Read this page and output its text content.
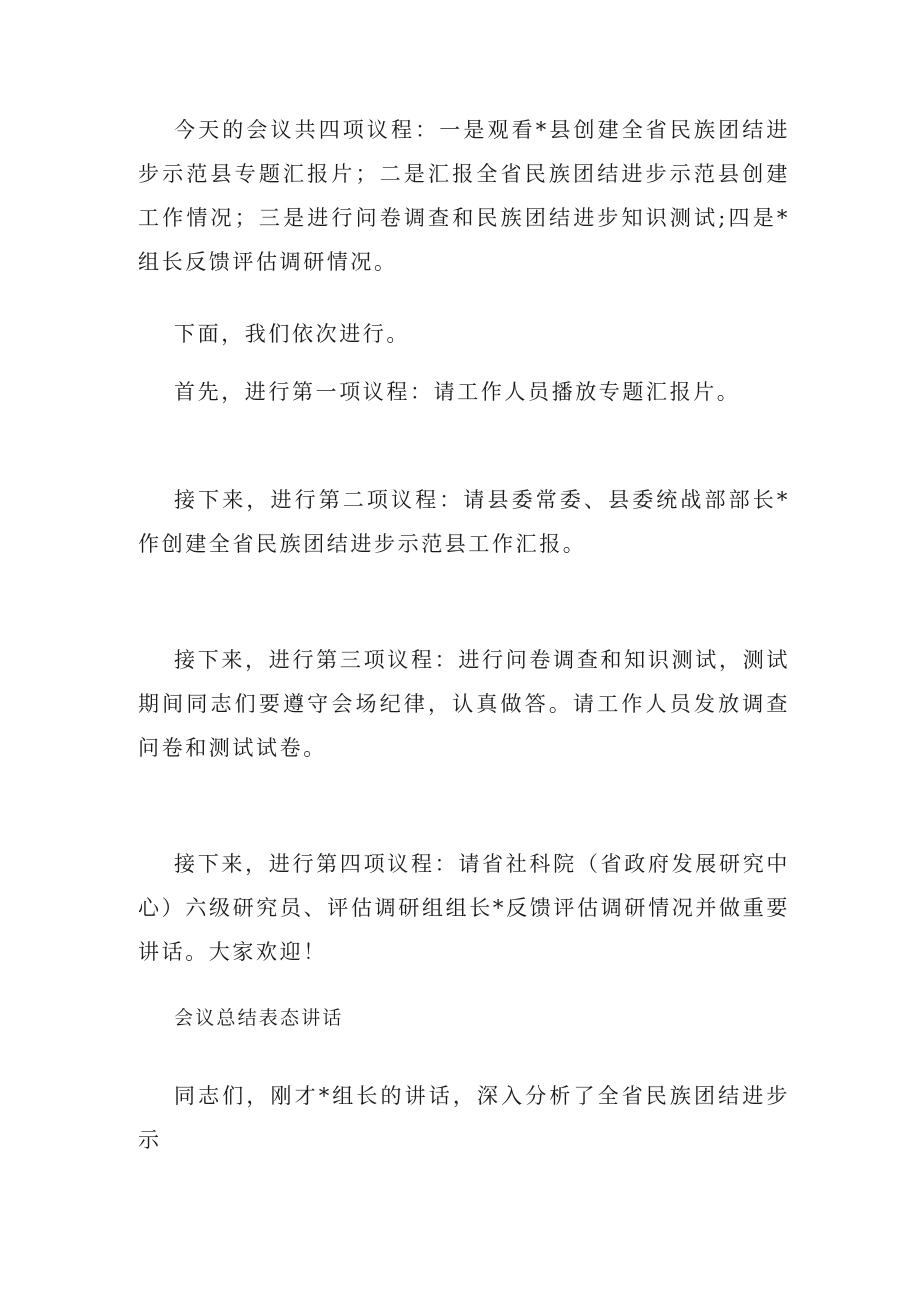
今天的会议共四项议程：一是观看*县创建全省民族团结进步示范县专题汇报片；二是汇报全省民族团结进步示范县创建工作情况；三是进行问卷调查和民族团结进步知识测试;四是*组长反馈评估调研情况。

下面，我们依次进行。

首先，进行第一项议程：请工作人员播放专题汇报片。

接下来，进行第二项议程：请县委常委、县委统战部部长*作创建全省民族团结进步示范县工作汇报。

接下来，进行第三项议程：进行问卷调查和知识测试，测试期间同志们要遵守会场纪律，认真做答。请工作人员发放调查问卷和测试试卷。

接下来，进行第四项议程：请省社科院（省政府发展研究中心）六级研究员、评估调研组组长*反馈评估调研情况并做重要讲话。大家欢迎！

会议总结表态讲话

同志们，刚才*组长的讲话，深入分析了全省民族团结进步示
